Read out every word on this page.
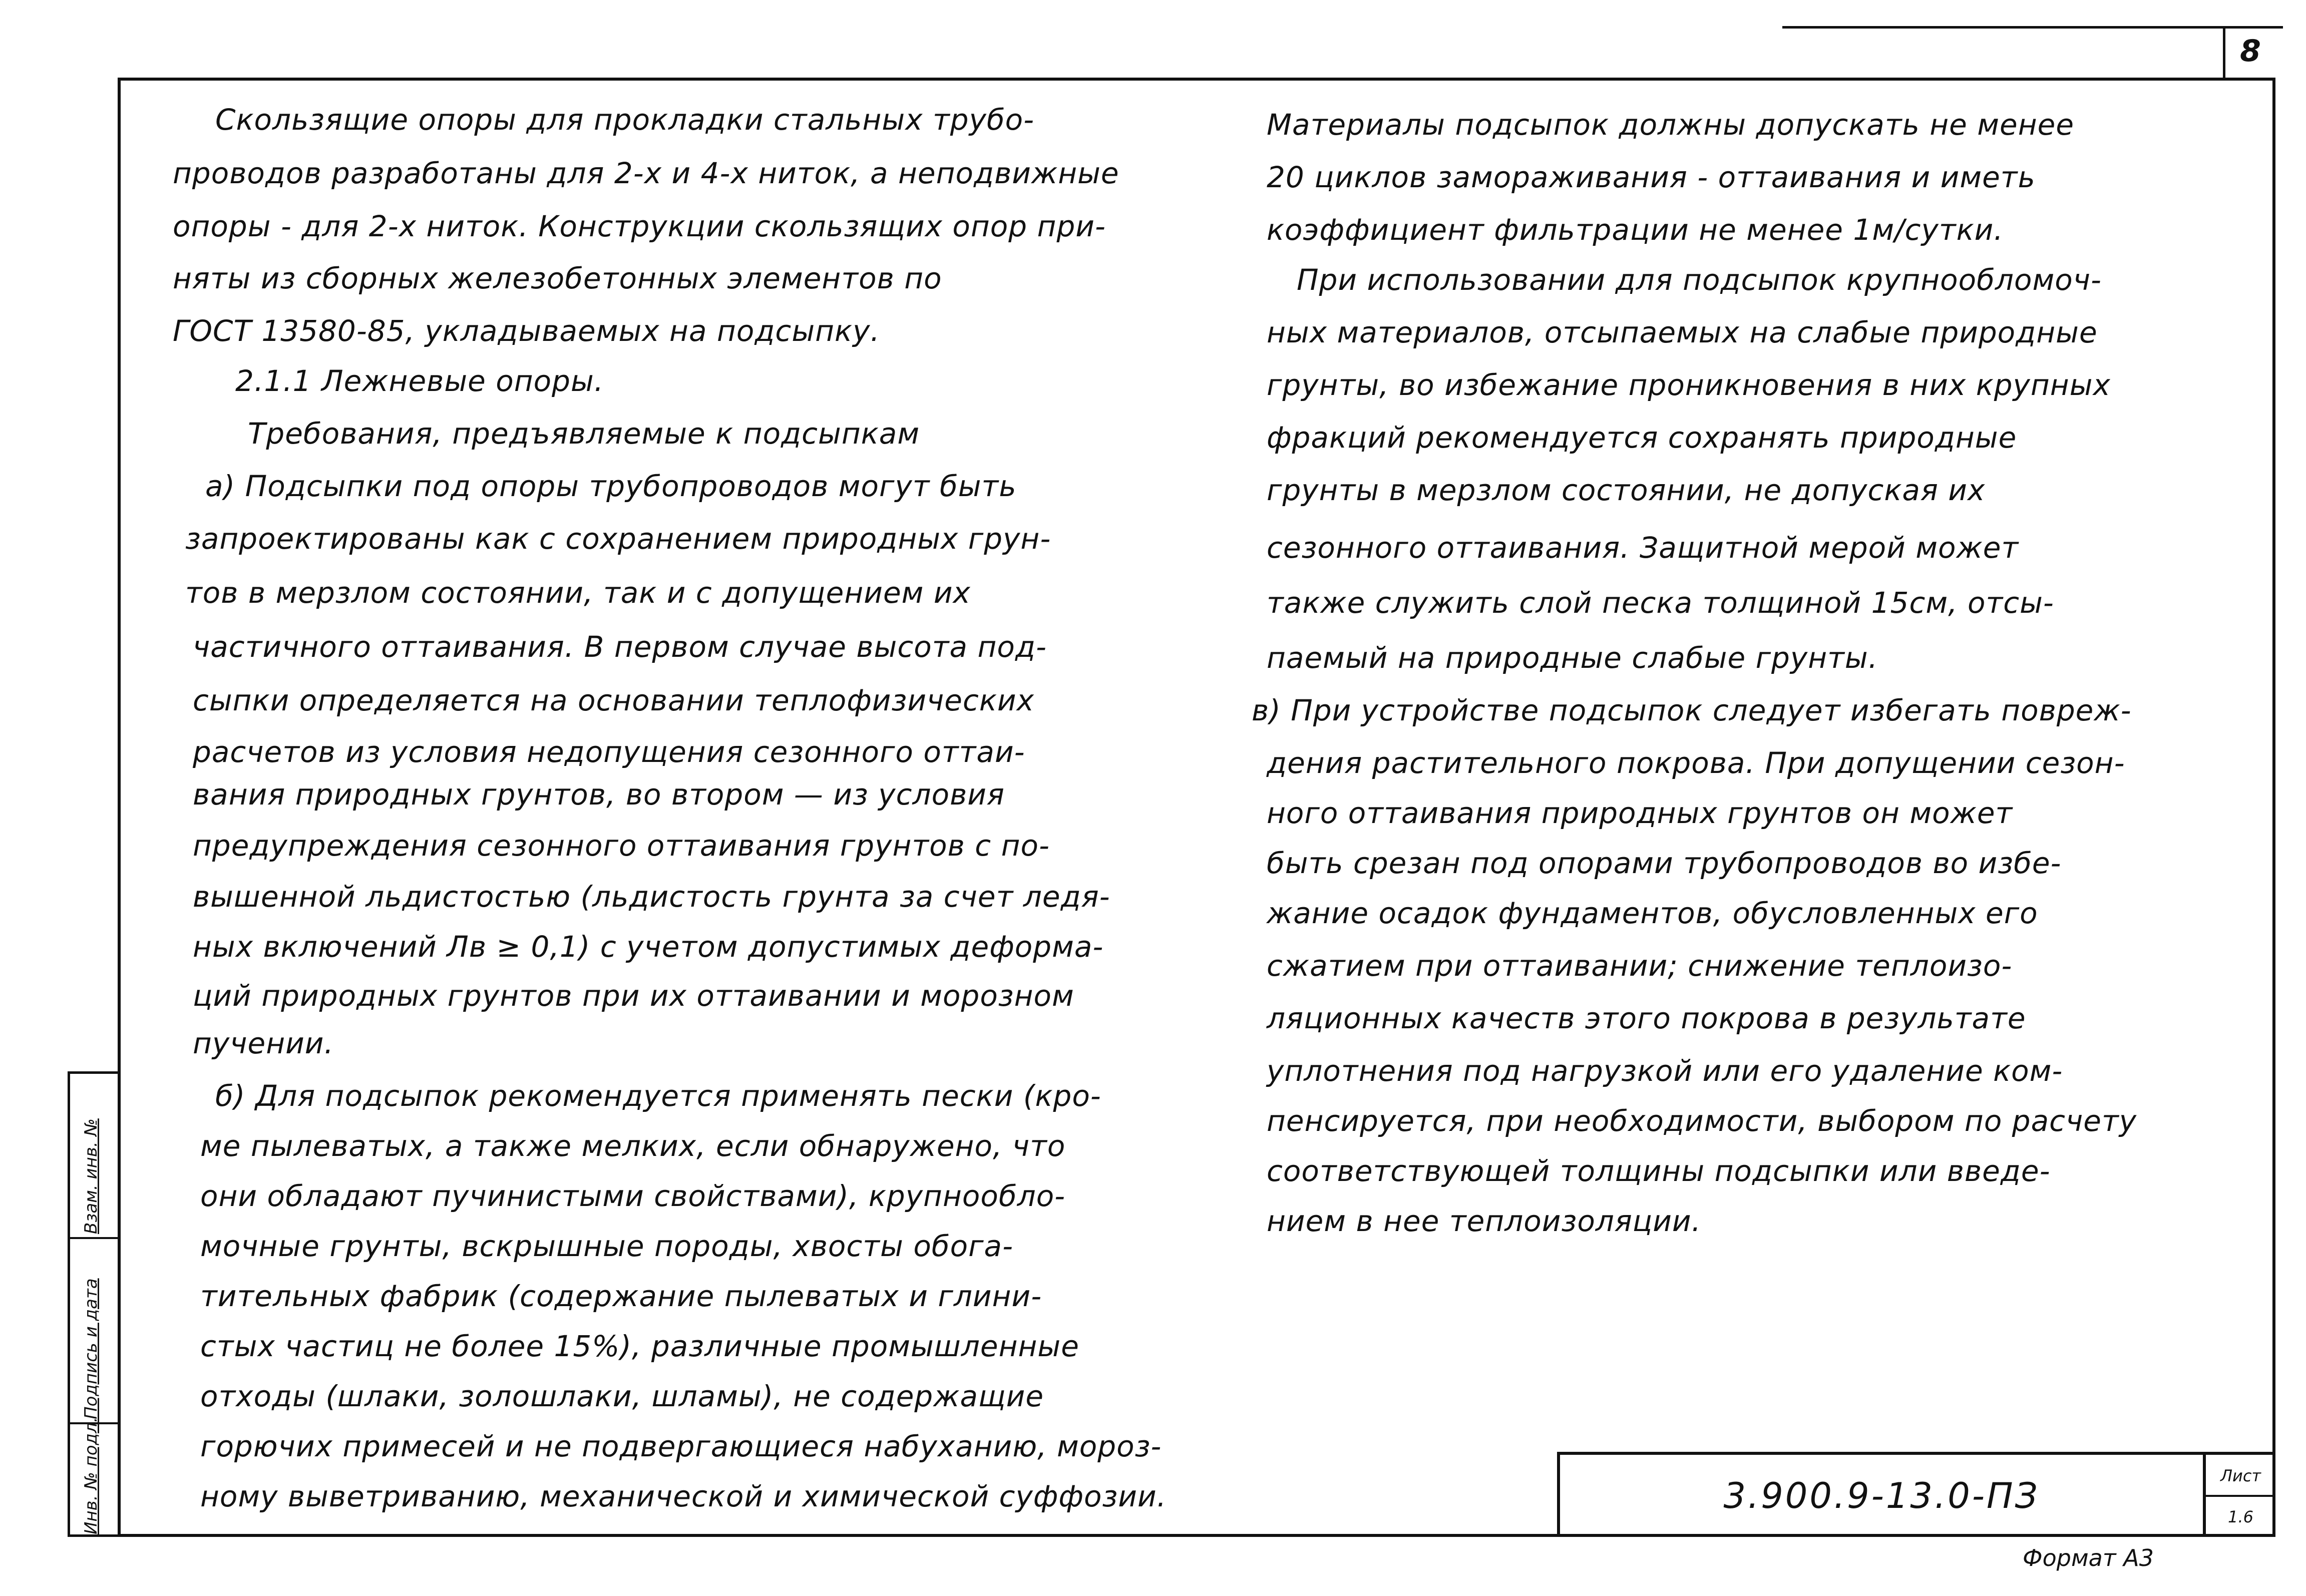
8
Взам. инв. №
Подпись и дата
Инв. № подл.
Скользящие опоры для прокладки стальных трубо-
проводов разработаны для 2-х и 4-х ниток, а неподвижные
опоры - для 2-х ниток. Конструкции скользящих опор при-
няты из сборных железобетонных элементов по
ГОСТ 13580-85, укладываемых на подсыпку.
2.1.1 Лежневые опоры.
Требования, предъявляемые к подсыпкам
а) Подсыпки под опоры трубопроводов могут быть
запроектированы как с сохранением природных грун-
тов в мерзлом состоянии, так и с допущением их
частичного оттаивания. В первом случае высота под-
сыпки определяется на основании теплофизических
расчетов из условия недопущения сезонного оттаи-
вания природных грунтов, во втором — из условия
предупреждения сезонного оттаивания грунтов с по-
вышенной льдистостью (льдистость грунта за счет ледя-
ных включений Лв ≥ 0,1) с учетом допустимых деформа-
ций природных грунтов при их оттаивании и морозном
пучении.
б) Для подсыпок рекомендуется применять пески (кро-
ме пылеватых, а также мелких, если обнаружено, что
они обладают пучинистыми свойствами), крупнообло-
мочные грунты, вскрышные породы, хвосты обога-
тительных фабрик (содержание пылеватых и глини-
стых частиц не более 15%), различные промышленные
отходы (шлаки, золошлаки, шламы), не содержащие
горючих примесей и не подвергающиеся набуханию, мороз-
ному выветриванию, механической и химической суффозии.
Материалы подсыпок должны допускать не менее
20 циклов замораживания - оттаивания и иметь
коэффициент фильтрации не менее 1м/сутки.
При использовании для подсыпок крупнообломоч-
ных материалов, отсыпаемых на слабые природные
грунты, во избежание проникновения в них крупных
фракций рекомендуется сохранять природные
грунты в мерзлом состоянии, не допуская их
сезонного оттаивания. Защитной мерой может
также служить слой песка толщиной 15см, отсы-
паемый на природные слабые грунты.
в) При устройстве подсыпок следует избегать повреж-
дения растительного покрова. При допущении сезон-
ного оттаивания природных грунтов он может
быть срезан под опорами трубопроводов во избе-
жание осадок фундаментов, обусловленных его
сжатием при оттаивании; снижение теплоизо-
ляционных качеств этого покрова в результате
уплотнения под нагрузкой или его удаление ком-
пенсируется, при необходимости, выбором по расчету
соответствующей толщины подсыпки или введе-
нием в нее теплоизоляции.
3.900.9-13.0-ПЗ	Лист
1.6
Формат А3
